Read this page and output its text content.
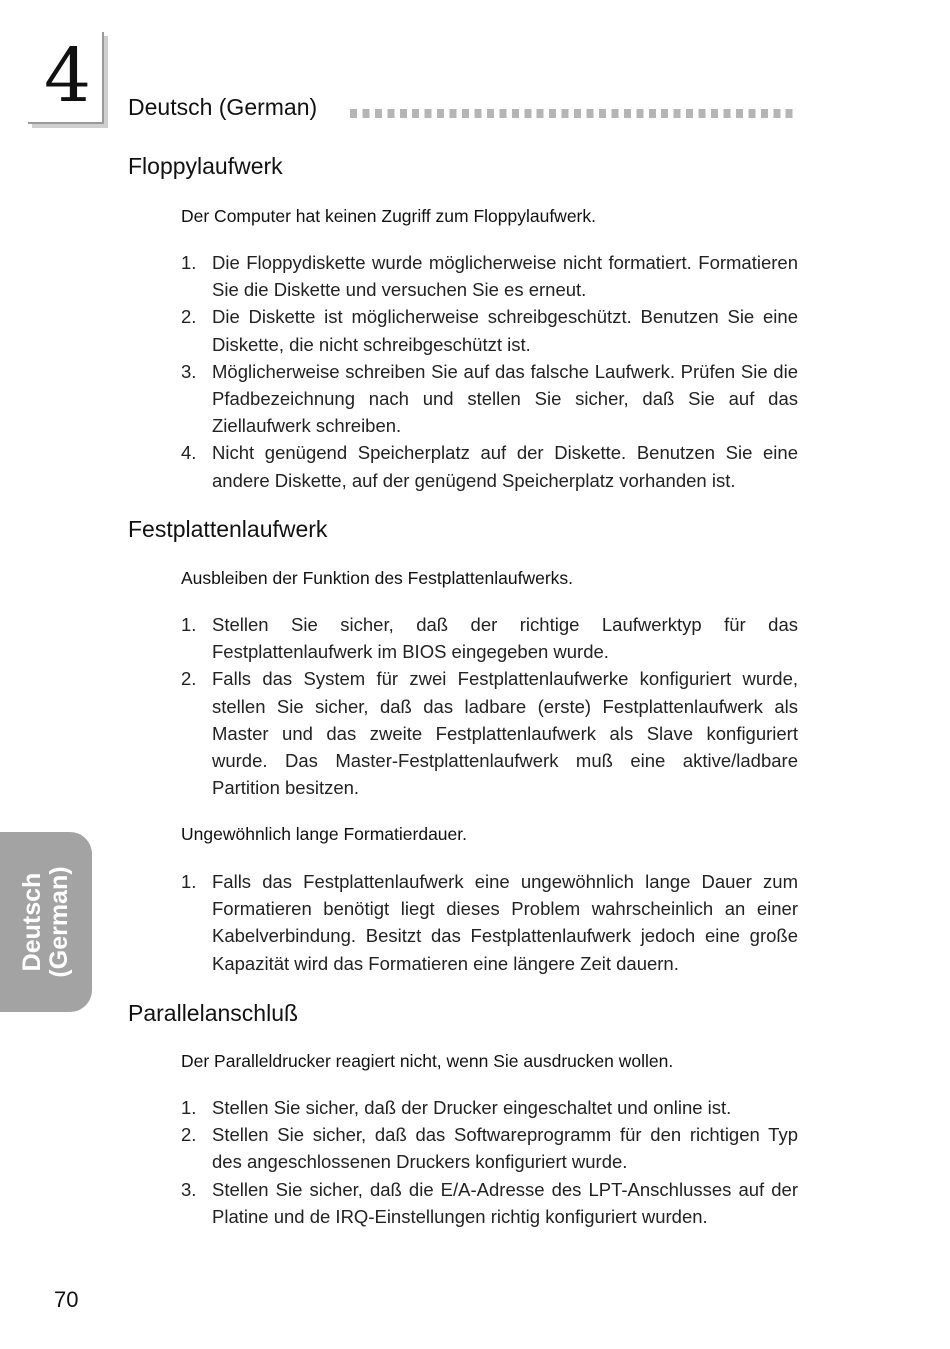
4 Deutsch (German)
Floppylaufwerk
Der Computer hat keinen Zugriff zum Floppylaufwerk.
1. Die Floppydiskette wurde möglicherweise nicht formatiert. Formatieren Sie die Diskette und versuchen Sie es erneut.
2. Die Diskette ist möglicherweise schreibgeschützt. Benutzen Sie eine Diskette, die nicht schreibgeschützt ist.
3. Möglicherweise schreiben Sie auf das falsche Laufwerk. Prüfen Sie die Pfadbezeichnung nach und stellen Sie sicher, daß Sie auf das Ziellaufwerk schreiben.
4. Nicht genügend Speicherplatz auf der Diskette. Benutzen Sie eine andere Diskette, auf der genügend Speicherplatz vorhanden ist.
Festplattenlaufwerk
Ausbleiben der Funktion des Festplattenlaufwerks.
1. Stellen Sie sicher, daß der richtige Laufwerktyp für das Festplattenlaufwerk im BIOS eingegeben wurde.
2. Falls das System für zwei Festplattenlaufwerke konfiguriert wurde, stellen Sie sicher, daß das ladbare (erste) Festplattenlaufwerk als Master und das zweite Festplattenlaufwerk als Slave konfiguriert wurde. Das Master-Festplattenlaufwerk muß eine aktive/ladbare Partition besitzen.
Ungewöhnlich lange Formatierdauer.
1. Falls das Festplattenlaufwerk eine ungewöhnlich lange Dauer zum Formatieren benötigt liegt dieses Problem wahrscheinlich an einer Kabelverbindung. Besitzt das Festplattenlaufwerk jedoch eine große Kapazität wird das Formatieren eine längere Zeit dauern.
Parallelanschluß
Der Paralleldrucker reagiert nicht, wenn Sie ausdrucken wollen.
1. Stellen Sie sicher, daß der Drucker eingeschaltet und online ist.
2. Stellen Sie sicher, daß das Softwareprogramm für den richtigen Typ des angeschlossenen Druckers konfiguriert wurde.
3. Stellen Sie sicher, daß die E/A-Adresse des LPT-Anschlusses auf der Platine und de IRQ-Einstellungen richtig konfiguriert wurden.
Deutsch (German)
70
